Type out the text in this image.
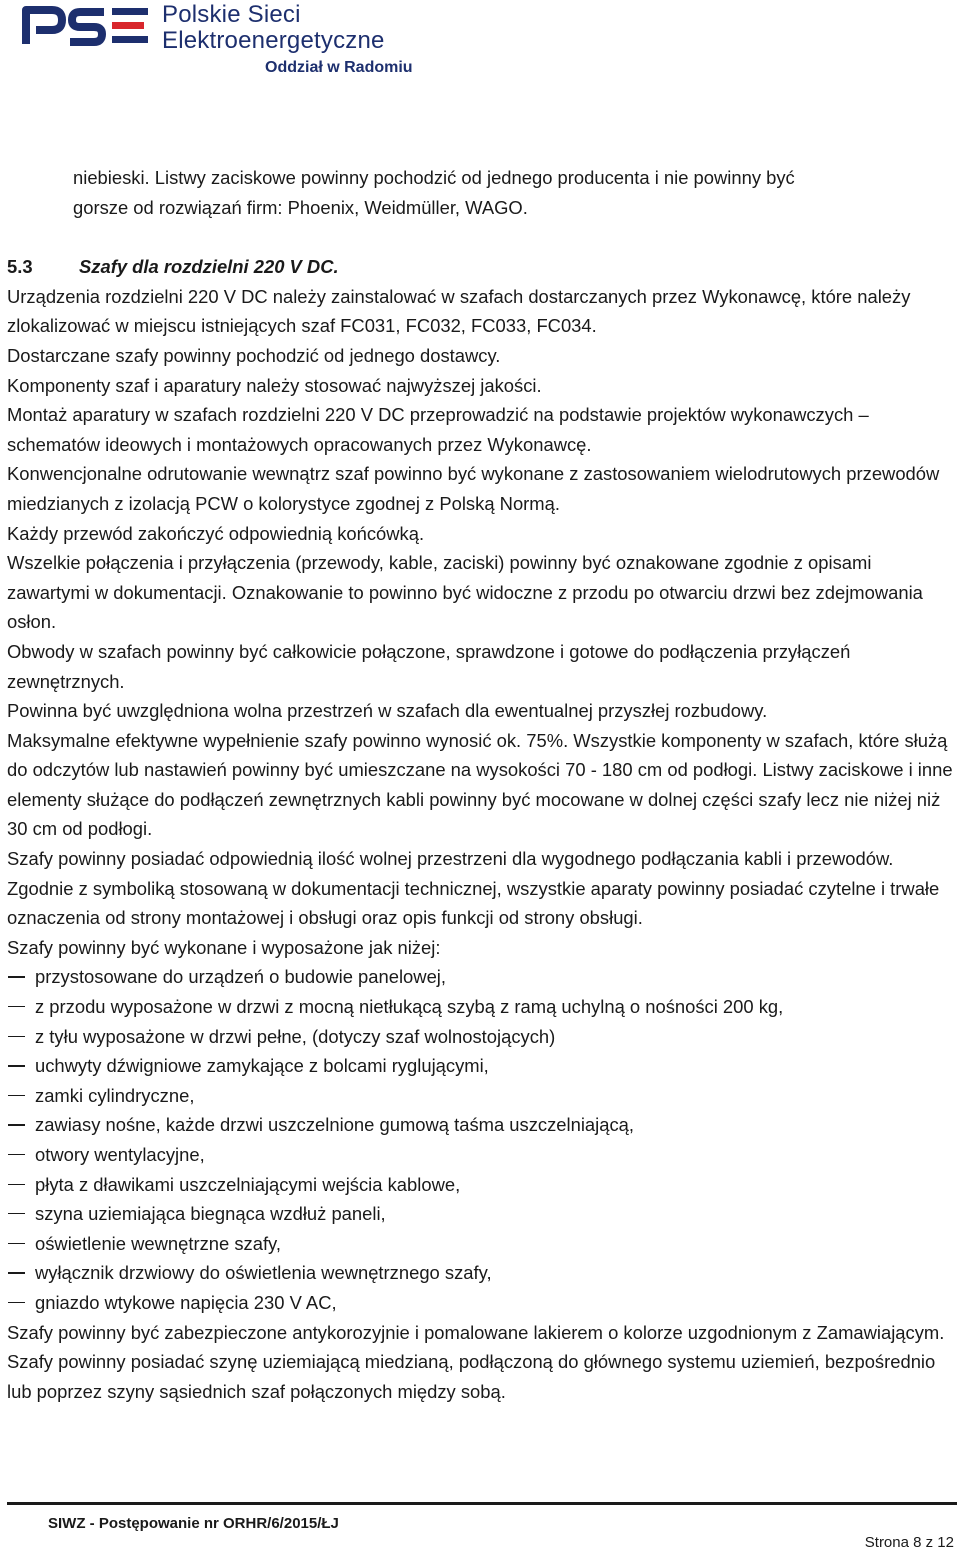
Polskie Sieci
Elektroenergetyczne
Oddział w Radomiu

niebieski. Listwy zaciskowe powinny pochodzić od jednego producenta i nie powinny być

gorsze od rozwiązań firm: Phoenix, Weidmüller, WAGO.

5.3	Szafy dla rozdzielni 220 V DC.

Urządzenia rozdzielni 220 V DC należy zainstalować w szafach dostarczanych przez Wykonawcę, które należy zlokalizować w miejscu istniejących szaf FC031, FC032, FC033, FC034.

Dostarczane szafy powinny pochodzić od jednego dostawcy.

Komponenty szaf i aparatury należy stosować najwyższej jakości.

Montaż aparatury w szafach rozdzielni 220 V DC przeprowadzić na podstawie projektów wykonawczych – schematów ideowych i montażowych opracowanych przez Wykonawcę.

Konwencjonalne odrutowanie wewnątrz szaf powinno być wykonane z zastosowaniem wielodrutowych przewodów miedzianych z izolacją PCW o kolorystyce zgodnej z Polską Normą.

Każdy przewód zakończyć odpowiednią końcówką.

Wszelkie połączenia i przyłączenia (przewody, kable, zaciski) powinny być oznakowane zgodnie z opisami zawartymi w dokumentacji. Oznakowanie to powinno być widoczne z przodu po otwarciu drzwi bez zdejmowania osłon.

Obwody w szafach powinny być całkowicie połączone, sprawdzone i gotowe do podłączenia przyłączeń zewnętrznych.

Powinna być uwzględniona wolna przestrzeń w szafach dla ewentualnej przyszłej rozbudowy.

Maksymalne efektywne wypełnienie szafy powinno wynosić ok. 75%. Wszystkie komponenty w szafach, które służą do odczytów lub nastawień powinny być umieszczane na wysokości 70 - 180 cm od podłogi. Listwy zaciskowe i inne elementy służące do podłączeń zewnętrznych kabli powinny być mocowane w dolnej części szafy lecz nie niżej niż 30 cm od podłogi.

Szafy powinny posiadać odpowiednią ilość wolnej przestrzeni dla wygodnego podłączania kabli i przewodów.

Zgodnie z symboliką stosowaną w dokumentacji technicznej, wszystkie aparaty powinny posiadać czytelne i trwałe oznaczenia od strony montażowej i obsługi oraz opis funkcji od strony obsługi.

Szafy powinny być wykonane i wyposażone jak niżej:

przystosowane do urządzeń o budowie panelowej,
z przodu wyposażone w drzwi z mocną nietłukącą szybą z ramą uchylną o nośności 200 kg,
z tyłu wyposażone w drzwi pełne, (dotyczy szaf wolnostojących)
uchwyty dźwigniowe zamykające z bolcami ryglującymi,
zamki cylindryczne,
zawiasy nośne, każde drzwi uszczelnione gumową taśma uszczelniającą,
otwory wentylacyjne,
płyta z dławikami uszczelniającymi wejścia kablowe,
szyna uziemiająca biegnąca wzdłuż paneli,
oświetlenie wewnętrzne szafy,
wyłącznik drzwiowy do oświetlenia wewnętrznego szafy,
gniazdo wtykowe napięcia 230 V AC,

Szafy powinny być zabezpieczone antykorozyjnie i pomalowane lakierem o kolorze uzgodnionym z Zamawiającym.

Szafy powinny posiadać szynę uziemiającą miedzianą, podłączoną do głównego systemu uziemień, bezpośrednio lub poprzez szyny sąsiednich szaf połączonych między sobą.

SIWZ - Postępowanie nr ORHR/6/2015/ŁJ
Strona 8 z 12
